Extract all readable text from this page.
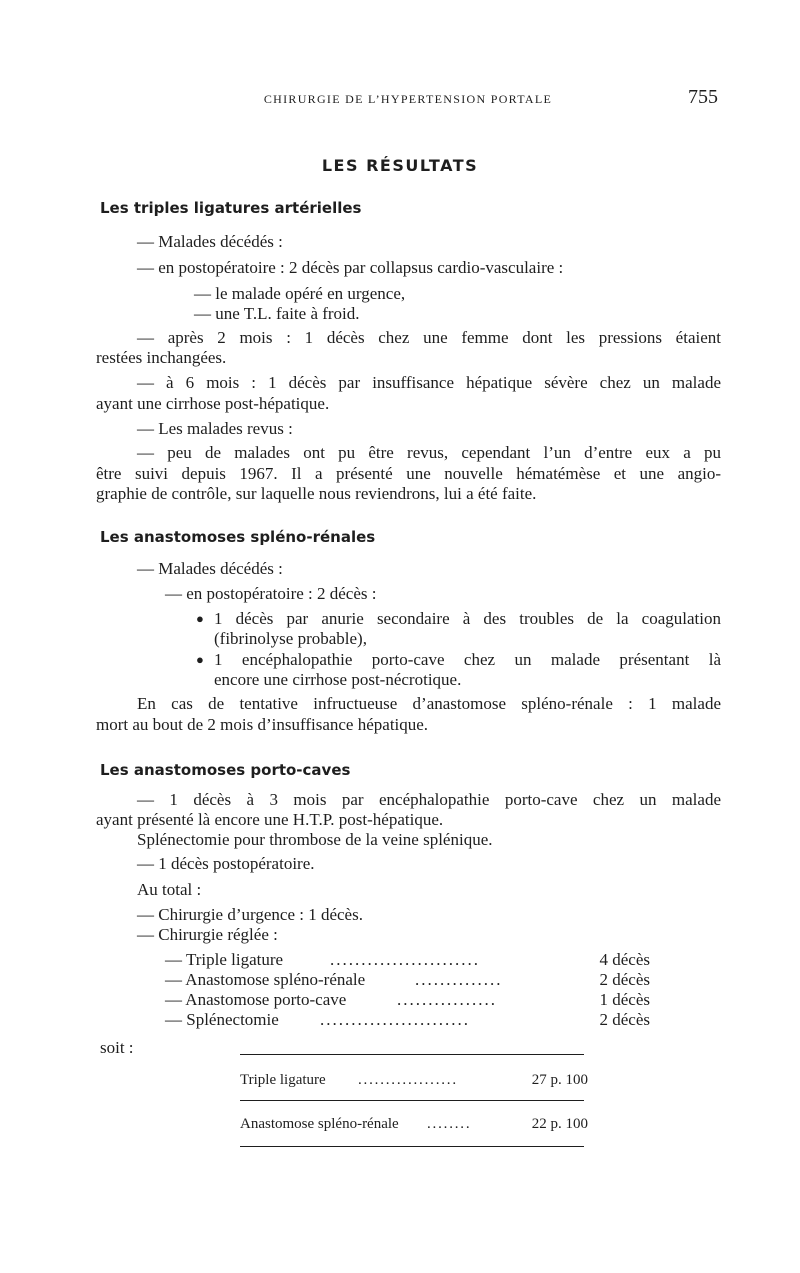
CHIRURGIE DE L’HYPERTENSION PORTALE	755
LES RÉSULTATS
Les triples ligatures artérielles
— Malades décédés :
— en postopératoire : 2 décès par collapsus cardio-vasculaire :
— le malade opéré en urgence,
— une T.L. faite à froid.
— après 2 mois : 1 décès chez une femme dont les pressions étaient
restées inchangées.
— à 6 mois : 1 décès par insuffisance hépatique sévère chez un malade
ayant une cirrhose post-hépatique.
— Les malades revus :
— peu de malades ont pu être revus, cependant l’un d’entre eux a pu
être suivi depuis 1967. Il a présenté une nouvelle hématémèse et une angio-
graphie de contrôle, sur laquelle nous reviendrons, lui a été faite.
Les anastomoses spléno-rénales
— Malades décédés :
— en postopératoire : 2 décès :
● 1 décès par anurie secondaire à des troubles de la coagulation
(fibrinolyse probable),
● 1 encéphalopathie porto-cave chez un malade présentant là
encore une cirrhose post-nécrotique.
En cas de tentative infructueuse d’anastomose spléno-rénale : 1 malade
mort au bout de 2 mois d’insuffisance hépatique.
Les anastomoses porto-caves
— 1 décès à 3 mois par encéphalopathie porto-cave chez un malade
ayant présenté là encore une H.T.P. post-hépatique.
Splénectomie pour thrombose de la veine splénique.
— 1 décès postopératoire.
Au total :
— Chirurgie d’urgence : 1 décès.
— Chirurgie réglée :
— Triple ligature	........................	4 décès
— Anastomose spléno-rénale	..............	2 décès
— Anastomose porto-cave	................	1 décès
— Splénectomie ........................	2 décès
soit :
Triple ligature ..................	27 p. 100
Anastomose spléno-rénale ........	22 p. 100
